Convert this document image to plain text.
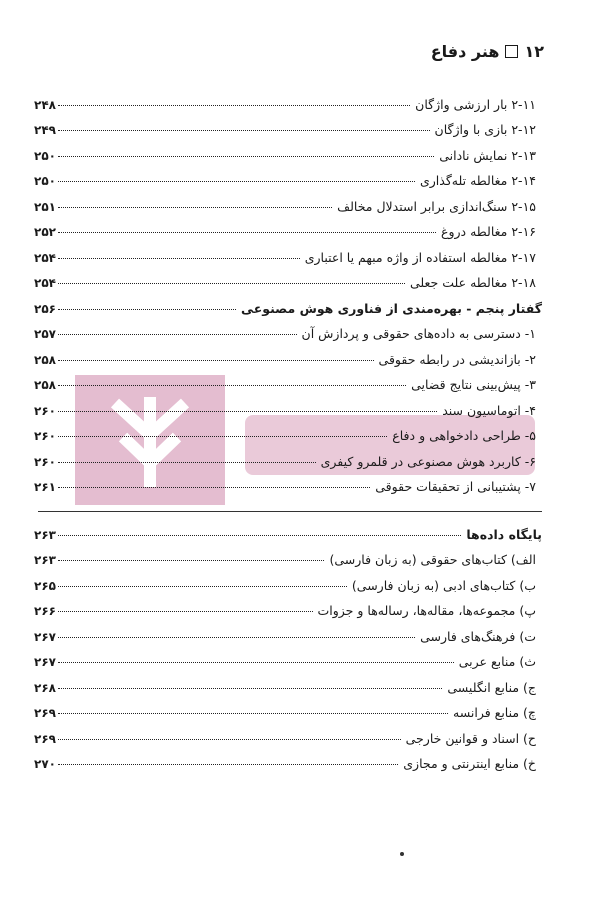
۱۲
هنر دفاع
۲-۱۱ بار ارزشی واژگان
۲۴۸
۲-۱۲ بازی با واژگان
۲۴۹
۲-۱۳ نمایش نادانی
۲۵۰
۲-۱۴ مغالطه تله‌گذاری
۲۵۰
۲-۱۵ سنگ‌اندازی برابر استدلال مخالف
۲۵۱
۲-۱۶ مغالطه دروغ
۲۵۲
۲-۱۷ مغالطه استفاده از واژه مبهم یا اعتباری
۲۵۴
۲-۱۸ مغالطه علت جعلی
۲۵۴
گفتار پنجم - بهره‌مندی از فناوری هوش مصنوعی
۲۵۶
۱- دسترسی به داده‌های حقوقی و پردازش آن
۲۵۷
۲- بازاندیشی در رابطه حقوقی
۲۵۸
۳- پیش‌بینی نتایج قضایی
۲۵۸
۴- اتوماسیون سند
۲۶۰
۵- طراحی دادخواهی و دفاع
۲۶۰
۶- کاربرد هوش مصنوعی در قلمرو کیفری
۲۶۰
۷- پشتیبانی از تحقیقات حقوقی
۲۶۱
پایگاه داده‌ها
۲۶۳
الف) کتاب‌های حقوقی (به زبان فارسی)
۲۶۳
ب) کتاب‌های ادبی (به زبان فارسی)
۲۶۵
پ) مجموعه‌ها، مقاله‌ها، رساله‌ها و جزوات
۲۶۶
ت) فرهنگ‌های فارسی
۲۶۷
ث) منابع عربی
۲۶۷
ج) منابع انگلیسی
۲۶۸
چ) منابع فرانسه
۲۶۹
ح) اسناد و قوانین خارجی
۲۶۹
خ) منابع اینترنتی و مجازی
۲۷۰
